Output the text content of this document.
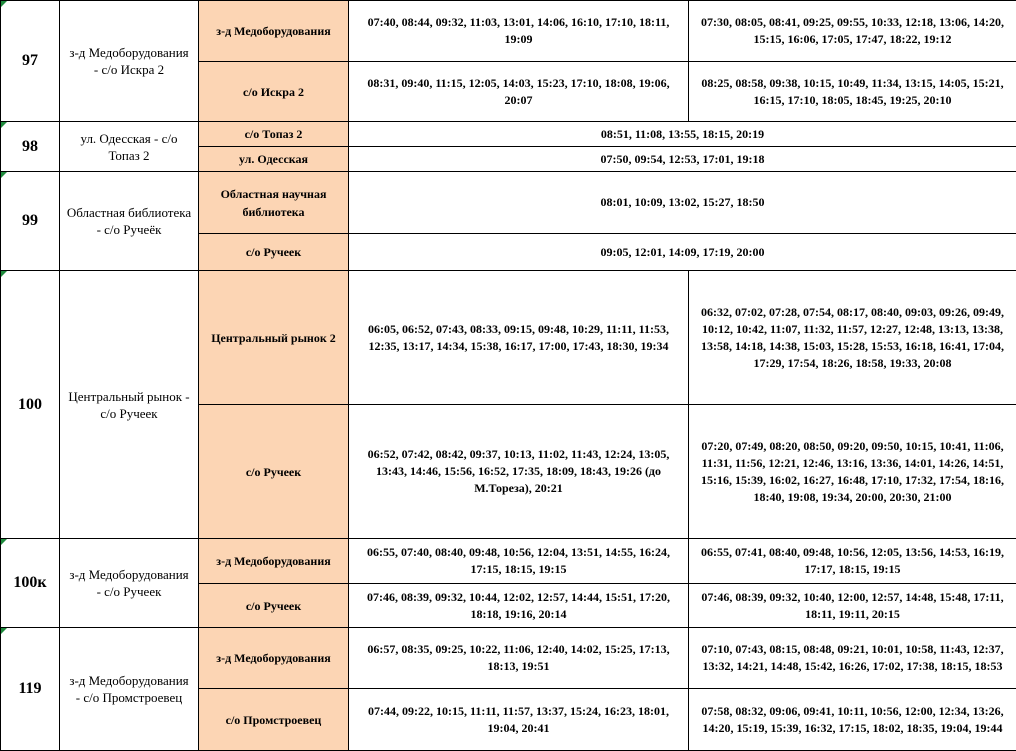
97	з-д Медоборудования - с/о Искра 2	з-д Медоборудования	07:40, 08:44, 09:32, 11:03, 13:01, 14:06, 16:10, 17:10, 18:11, 19:09	07:30, 08:05, 08:41, 09:25, 09:55, 10:33, 12:18, 13:06, 14:20, 15:15, 16:06, 17:05, 17:47, 18:22, 19:12
		с/о Искра 2	08:31, 09:40, 11:15, 12:05, 14:03, 15:23, 17:10, 18:08, 19:06, 20:07	08:25, 08:58, 09:38, 10:15, 10:49, 11:34, 13:15, 14:05, 15:21, 16:15, 17:10, 18:05, 18:45, 19:25, 20:10
98	ул. Одесская - с/о Топаз 2	с/о Топаз 2	08:51, 11:08, 13:55, 18:15, 20:19	
		ул. Одесская	07:50, 09:54, 12:53, 17:01, 19:18	
99	Областная библиотека - с/о Ручеёк	Областная научная библиотека	08:01, 10:09, 13:02, 15:27, 18:50	
		с/о Ручеек	09:05, 12:01, 14:09, 17:19, 20:00	
100	Центральный рынок - с/о Ручеек	Центральный рынок 2	06:05, 06:52, 07:43, 08:33, 09:15, 09:48, 10:29, 11:11, 11:53, 12:35, 13:17, 14:34, 15:38, 16:17, 17:00, 17:43, 18:30, 19:34	06:32, 07:02, 07:28, 07:54, 08:17, 08:40, 09:03, 09:26, 09:49, 10:12, 10:42, 11:07, 11:32, 11:57, 12:27, 12:48, 13:13, 13:38, 13:58, 14:18, 14:38, 15:03, 15:28, 15:53, 16:18, 16:41, 17:04, 17:29, 17:54, 18:26, 18:58, 19:33, 20:08
		с/о Ручеек	06:52, 07:42, 08:42, 09:37, 10:13, 11:02, 11:43, 12:24, 13:05, 13:43, 14:46, 15:56, 16:52, 17:35, 18:09, 18:43, 19:26 (до М.Тореза), 20:21	07:20, 07:49, 08:20, 08:50, 09:20, 09:50, 10:15, 10:41, 11:06, 11:31, 11:56, 12:21, 12:46, 13:16, 13:36, 14:01, 14:26, 14:51, 15:16, 15:39, 16:02, 16:27, 16:48, 17:10, 17:32, 17:54, 18:16, 18:40, 19:08, 19:34, 20:00, 20:30, 21:00
100к	з-д Медоборудования - с/о Ручеек	з-д Медоборудования	06:55, 07:40, 08:40, 09:48, 10:56, 12:04, 13:51, 14:55, 16:24, 17:15, 18:15, 19:15	06:55, 07:41, 08:40, 09:48, 10:56, 12:05, 13:56, 14:53, 16:19, 17:17, 18:15, 19:15
		с/о Ручеек	07:46, 08:39, 09:32, 10:44, 12:02, 12:57, 14:44, 15:51, 17:20, 18:18, 19:16, 20:14	07:46, 08:39, 09:32, 10:40, 12:00, 12:57, 14:48, 15:48, 17:11, 18:11, 19:11, 20:15
119	з-д Медоборудования - с/о Промстроевец	з-д Медоборудования	06:57, 08:35, 09:25, 10:22, 11:06, 12:40, 14:02, 15:25, 17:13, 18:13, 19:51	07:10, 07:43, 08:15, 08:48, 09:21, 10:01, 10:58, 11:43, 12:37, 13:32, 14:21, 14:48, 15:42, 16:26, 17:02, 17:38, 18:15, 18:53
		с/о Промстроевец	07:44, 09:22, 10:15, 11:11, 11:57, 13:37, 15:24, 16:23, 18:01, 19:04, 20:41	07:58, 08:32, 09:06, 09:41, 10:11, 10:56, 12:00, 12:34, 13:26, 14:20, 15:19, 15:39, 16:32, 17:15, 18:02, 18:35, 19:04, 19:44
